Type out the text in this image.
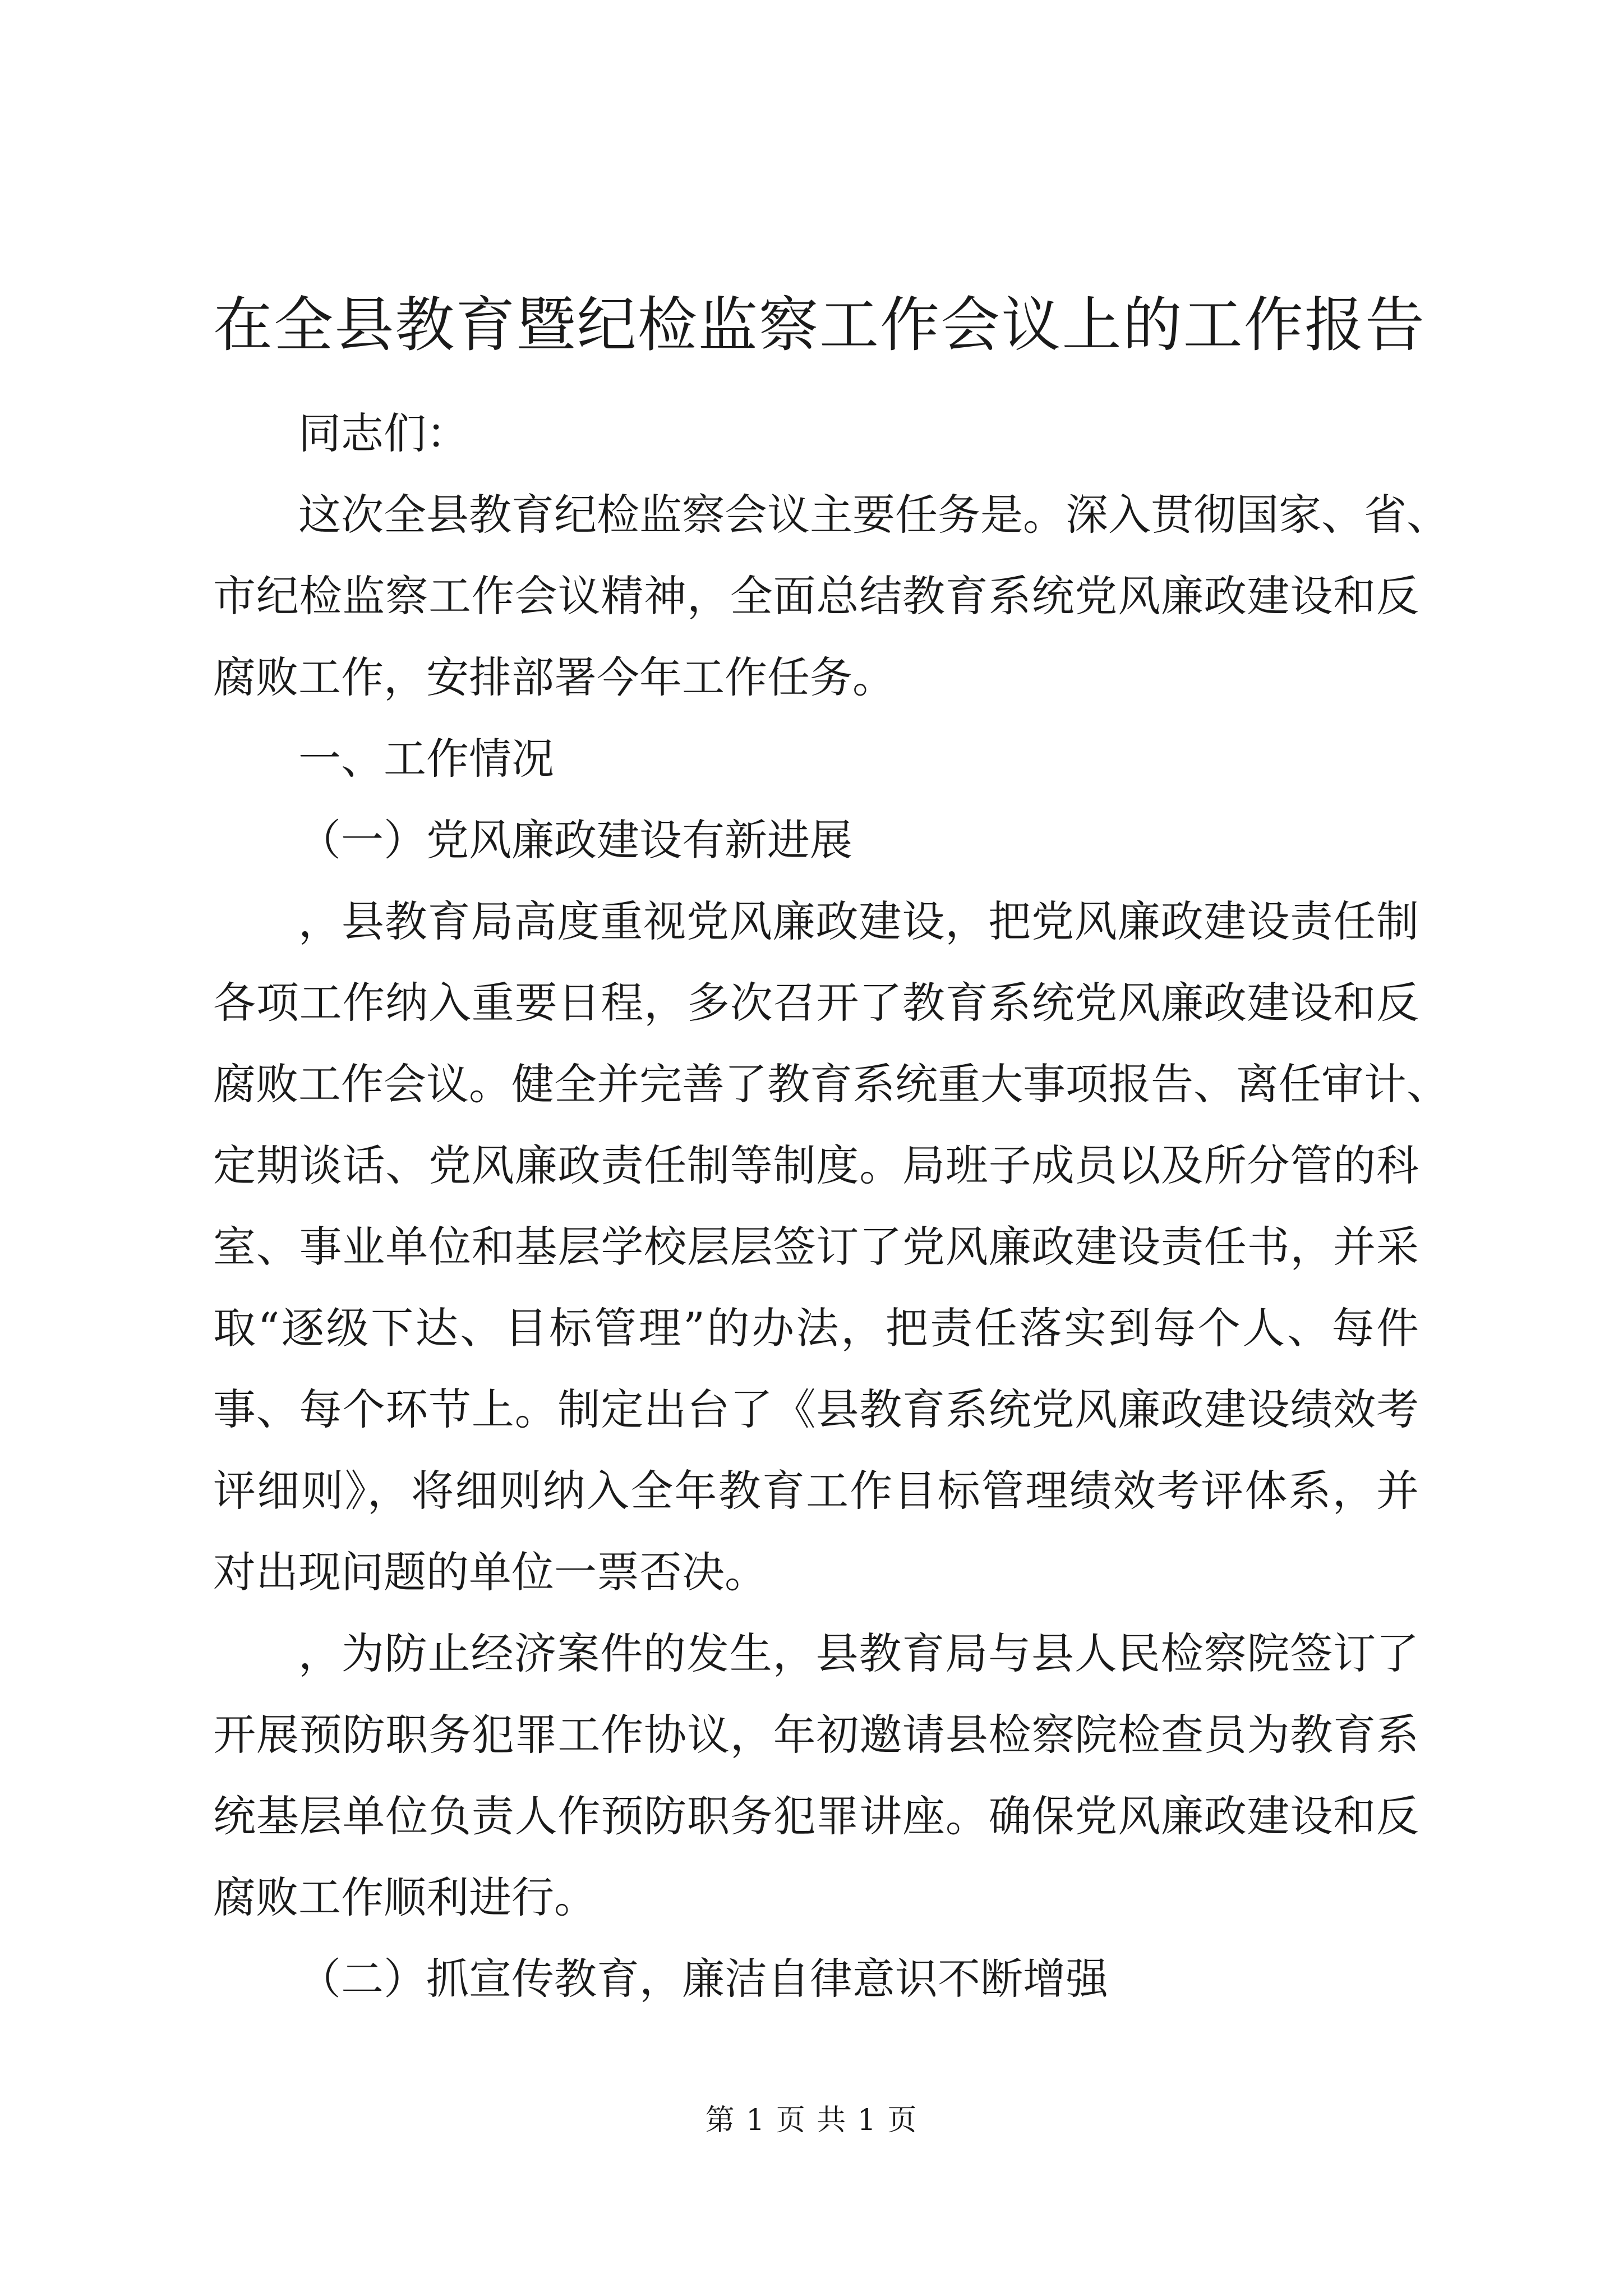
在全县教育暨纪检监察工作会议上的工作报告
同志们：
这次全县教育纪检监察会议主要任务是。深入贯彻国家、省、
市纪检监察工作会议精神，全面总结教育系统党风廉政建设和反
腐败工作，安排部署今年工作任务。
一、工作情况
（一）党风廉政建设有新进展
，县教育局高度重视党风廉政建设，把党风廉政建设责任制
各项工作纳入重要日程，多次召开了教育系统党风廉政建设和反
腐败工作会议。健全并完善了教育系统重大事项报告、离任审计、
定期谈话、党风廉政责任制等制度。局班子成员以及所分管的科
室、事业单位和基层学校层层签订了党风廉政建设责任书，并采
取“逐级下达、目标管理”的办法，把责任落实到每个人、每件
事、每个环节上。制定出台了《县教育系统党风廉政建设绩效考
评细则》，将细则纳入全年教育工作目标管理绩效考评体系，并
对出现问题的单位一票否决。
，为防止经济案件的发生，县教育局与县人民检察院签订了
开展预防职务犯罪工作协议，年初邀请县检察院检查员为教育系
统基层单位负责人作预防职务犯罪讲座。确保党风廉政建设和反
腐败工作顺利进行。
（二）抓宣传教育，廉洁自律意识不断增强
第 1 页 共 1 页
